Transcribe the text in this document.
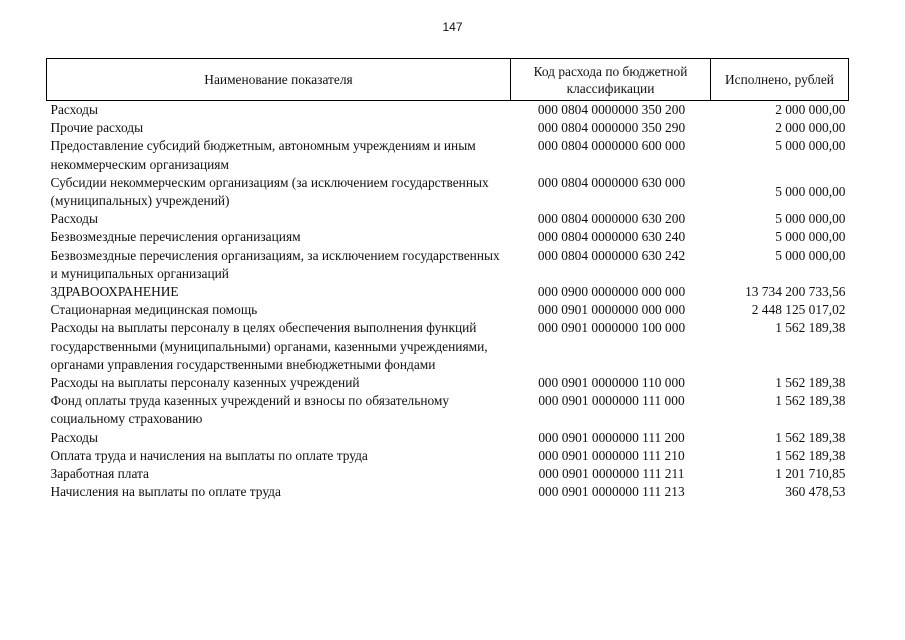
147
Наименование показателя	Код расхода по бюджетной классификации	Исполнено, рублей
Расходы	000 0804 0000000 350 200	2 000 000,00
Прочие расходы	000 0804 0000000 350 290	2 000 000,00
Предоставление субсидий бюджетным, автономным учреждениям и иным некоммерческим организациям	000 0804 0000000 600 000	5 000 000,00
Субсидии некоммерческим организациям (за исключением государственных (муниципальных) учреждений)	000 0804 0000000 630 000	5 000 000,00
Расходы	000 0804 0000000 630 200	5 000 000,00
Безвозмездные перечисления организациям	000 0804 0000000 630 240	5 000 000,00
Безвозмездные перечисления организациям, за исключением государственных и муниципальных организаций	000 0804 0000000 630 242	5 000 000,00
ЗДРАВООХРАНЕНИЕ	000 0900 0000000 000 000	13 734 200 733,56
Стационарная медицинская помощь	000 0901 0000000 000 000	2 448 125 017,02
Расходы на выплаты персоналу в целях обеспечения выполнения функций государственными (муниципальными) органами, казенными учреждениями, органами управления государственными внебюджетными фондами	000 0901 0000000 100 000	1 562 189,38
Расходы на выплаты персоналу казенных учреждений	000 0901 0000000 110 000	1 562 189,38
Фонд оплаты труда казенных учреждений и взносы по обязательному социальному страхованию	000 0901 0000000 111 000	1 562 189,38
Расходы	000 0901 0000000 111 200	1 562 189,38
Оплата труда и начисления на выплаты по оплате труда	000 0901 0000000 111 210	1 562 189,38
Заработная плата	000 0901 0000000 111 211	1 201 710,85
Начисления на выплаты по оплате труда	000 0901 0000000 111 213	360 478,53
